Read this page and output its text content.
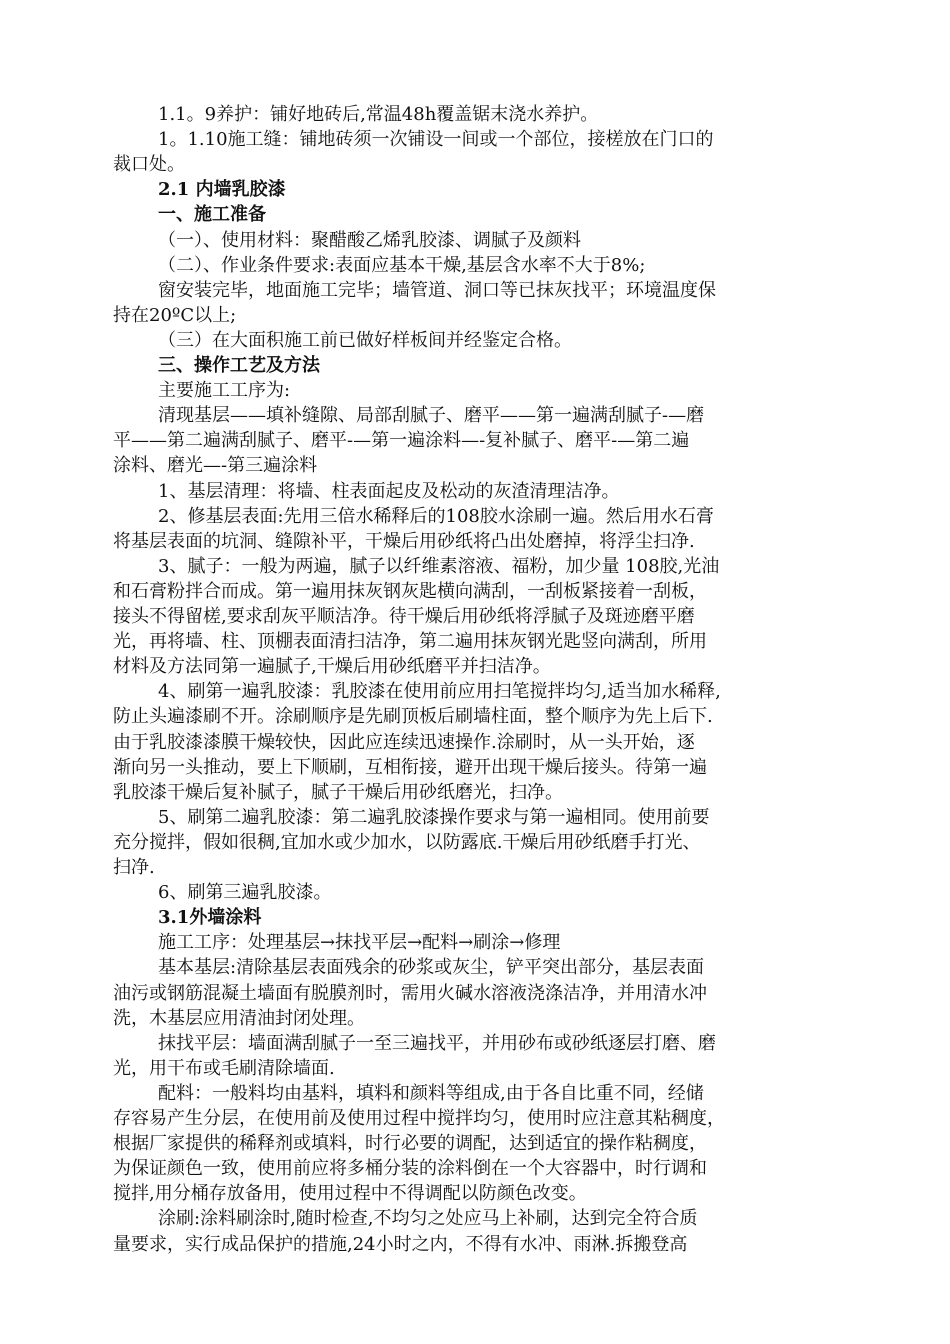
1.1。9养护：铺好地砖后,常温48h覆盖锯末浇水养护。
1。1.10施工缝：铺地砖须一次铺设一间或一个部位，接槎放在门口的
裁口处。
2.1 内墙乳胶漆
一、施工准备
（一）、使用材料：聚醋酸乙烯乳胶漆、调腻子及颜料
（二）、作业条件要求:表面应基本干燥,基层含水率不大于8%;
窗安装完毕，地面施工完毕；墙管道、洞口等已抹灰找平；环境温度保
持在20ºC以上;
（三）在大面积施工前已做好样板间并经鉴定合格。
三、操作工艺及方法
主要施工工序为:
清现基层——填补缝隙、局部刮腻子、磨平——第一遍满刮腻子-—磨
平——第二遍满刮腻子、磨平-—第一遍涂料—-复补腻子、磨平-—第二遍
涂料、磨光—-第三遍涂料
1、基层清理：将墙、柱表面起皮及松动的灰渣清理洁净。
2、修基层表面:先用三倍水稀释后的108胶水涂刷一遍。然后用水石膏
将基层表面的坑洞、缝隙补平，干燥后用砂纸将凸出处磨掉，将浮尘扫净.
3、腻子：一般为两遍，腻子以纤维素溶液、福粉，加少量 108胶,光油
和石膏粉拌合而成。第一遍用抹灰钢灰匙横向满刮，一刮板紧接着一刮板，
接头不得留槎,要求刮灰平顺洁净。待干燥后用砂纸将浮腻子及斑迹磨平磨
光，再将墙、柱、顶棚表面清扫洁净，第二遍用抹灰钢光匙竖向满刮，所用
材料及方法同第一遍腻子,干燥后用砂纸磨平并扫洁净。
4、刷第一遍乳胶漆：乳胶漆在使用前应用扫笔搅拌均匀,适当加水稀释,
防止头遍漆刷不开。涂刷顺序是先刷顶板后刷墙柱面，整个顺序为先上后下.
由于乳胶漆漆膜干燥较快，因此应连续迅速操作.涂刷时，从一头开始，逐
渐向另一头推动，要上下顺刷，互相衔接，避开出现干燥后接头。待第一遍
乳胶漆干燥后复补腻子，腻子干燥后用砂纸磨光，扫净。
5、刷第二遍乳胶漆：第二遍乳胶漆操作要求与第一遍相同。使用前要
充分搅拌，假如很稠,宜加水或少加水，以防露底.干燥后用砂纸磨手打光、
扫净.
6、刷第三遍乳胶漆。
3.1外墙涂料
施工工序：处理基层→抹找平层→配料→刷涂→修理
基本基层:清除基层表面残余的砂浆或灰尘，铲平突出部分，基层表面
油污或钢筋混凝土墙面有脱膜剂时，需用火碱水溶液浇涤洁净，并用清水冲
洗，木基层应用清油封闭处理。
抹找平层：墙面满刮腻子一至三遍找平，并用砂布或砂纸逐层打磨、磨
光，用干布或毛刷清除墙面.
配料：一般料均由基料，填料和颜料等组成,由于各自比重不同，经储
存容易产生分层，在使用前及使用过程中搅拌均匀，使用时应注意其粘稠度，
根据厂家提供的稀释剂或填料，时行必要的调配，达到适宜的操作粘稠度，
为保证颜色一致，使用前应将多桶分装的涂料倒在一个大容器中，时行调和
搅拌,用分桶存放备用，使用过程中不得调配以防颜色改变。
涂刷:涂料刷涂时,随时检查,不均匀之处应马上补刷，达到完全符合质
量要求，实行成品保护的措施,24小时之内，不得有水冲、雨淋.拆搬登高
